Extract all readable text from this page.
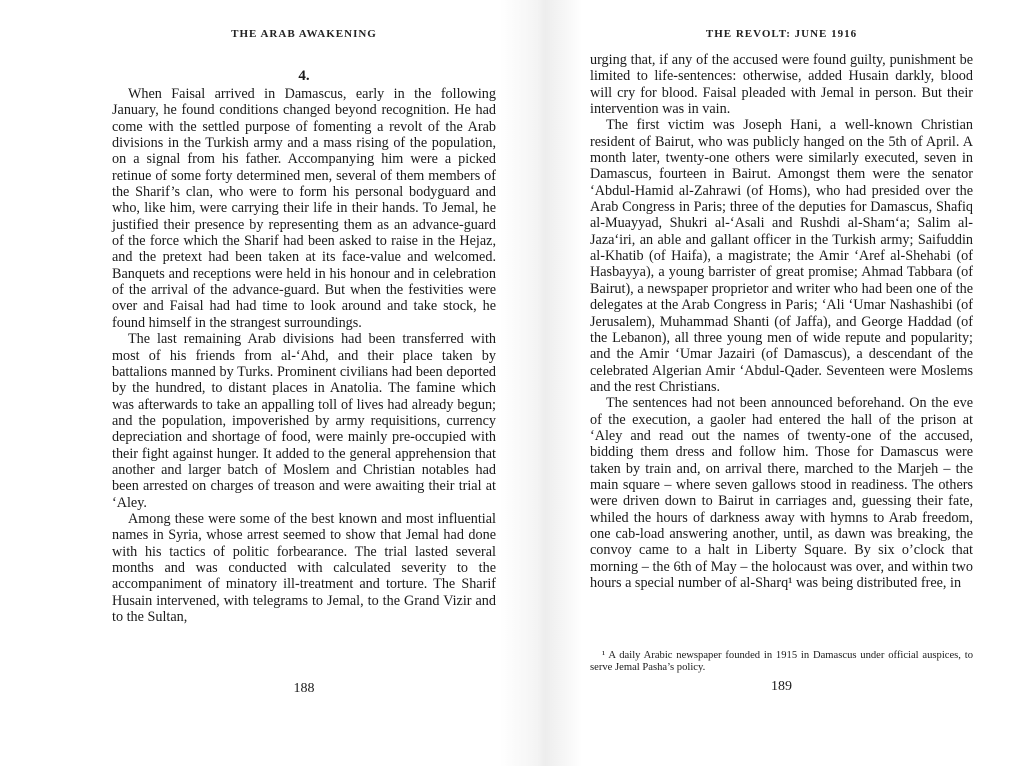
THE ARAB AWAKENING
4.

When Faisal arrived in Damascus, early in the following January, he found conditions changed beyond recognition. He had come with the settled purpose of fomenting a revolt of the Arab divisions in the Turkish army and a mass rising of the population, on a signal from his father. Accompanying him were a picked retinue of some forty determined men, several of them members of the Sharif’s clan, who were to form his personal bodyguard and who, like him, were carrying their life in their hands. To Jemal, he justified their presence by representing them as an advance-guard of the force which the Sharif had been asked to raise in the Hejaz, and the pretext had been taken at its face-value and welcomed. Banquets and receptions were held in his honour and in celebration of the arrival of the advance-guard. But when the festivities were over and Faisal had had time to look around and take stock, he found himself in the strangest surroundings.

The last remaining Arab divisions had been transferred with most of his friends from al-‘Ahd, and their place taken by battalions manned by Turks. Prominent civilians had been deported by the hundred, to distant places in Anatolia. The famine which was afterwards to take an appalling toll of lives had already begun; and the population, impoverished by army requisitions, currency depreciation and shortage of food, were mainly pre-occupied with their fight against hunger. It added to the general apprehension that another and larger batch of Moslem and Christian notables had been arrested on charges of treason and were awaiting their trial at ‘Aley.

Among these were some of the best known and most influential names in Syria, whose arrest seemed to show that Jemal had done with his tactics of politic forbearance. The trial lasted several months and was conducted with calculated severity to the accompaniment of minatory ill-treatment and torture. The Sharif Husain intervened, with telegrams to Jemal, to the Grand Vizir and to the Sultan,

188
THE REVOLT: JUNE 1916

urging that, if any of the accused were found guilty, punishment be limited to life-sentences: otherwise, added Husain darkly, blood will cry for blood. Faisal pleaded with Jemal in person. But their intervention was in vain.

The first victim was Joseph Hani, a well-known Christian resident of Bairut, who was publicly hanged on the 5th of April. A month later, twenty-one others were similarly executed, seven in Damascus, fourteen in Bairut. Amongst them were the senator ‘Abdul-Hamid al-Zahrawi (of Homs), who had presided over the Arab Congress in Paris; three of the deputies for Damascus, Shafiq al-Muayyad, Shukri al-‘Asali and Rushdi al-Sham‘a; Salim al-Jaza‘iri, an able and gallant officer in the Turkish army; Saifuddin al-Khatib (of Haifa), a magistrate; the Amir ‘Aref al-Shehabi (of Hasbayya), a young barrister of great promise; Ahmad Tabbara (of Bairut), a newspaper proprietor and writer who had been one of the delegates at the Arab Congress in Paris; ‘Ali ‘Umar Nashashibi (of Jerusalem), Muhammad Shanti (of Jaffa), and George Haddad (of the Lebanon), all three young men of wide repute and popularity; and the Amir ‘Umar Jazairi (of Damascus), a descendant of the celebrated Algerian Amir ‘Abdul-Qader. Seventeen were Moslems and the rest Christians.

The sentences had not been announced beforehand. On the eve of the execution, a gaoler had entered the hall of the prison at ‘Aley and read out the names of twenty-one of the accused, bidding them dress and follow him. Those for Damascus were taken by train and, on arrival there, marched to the Marjeh – the main square – where seven gallows stood in readiness. The others were driven down to Bairut in carriages and, guessing their fate, whiled the hours of darkness away with hymns to Arab freedom, one cab-load answering another, until, as dawn was breaking, the convoy came to a halt in Liberty Square. By six o’clock that morning – the 6th of May – the holocaust was over, and within two hours a special number of al-Sharq¹ was being distributed free, in

¹ A daily Arabic newspaper founded in 1915 in Damascus under official auspices, to serve Jemal Pasha’s policy.
189
